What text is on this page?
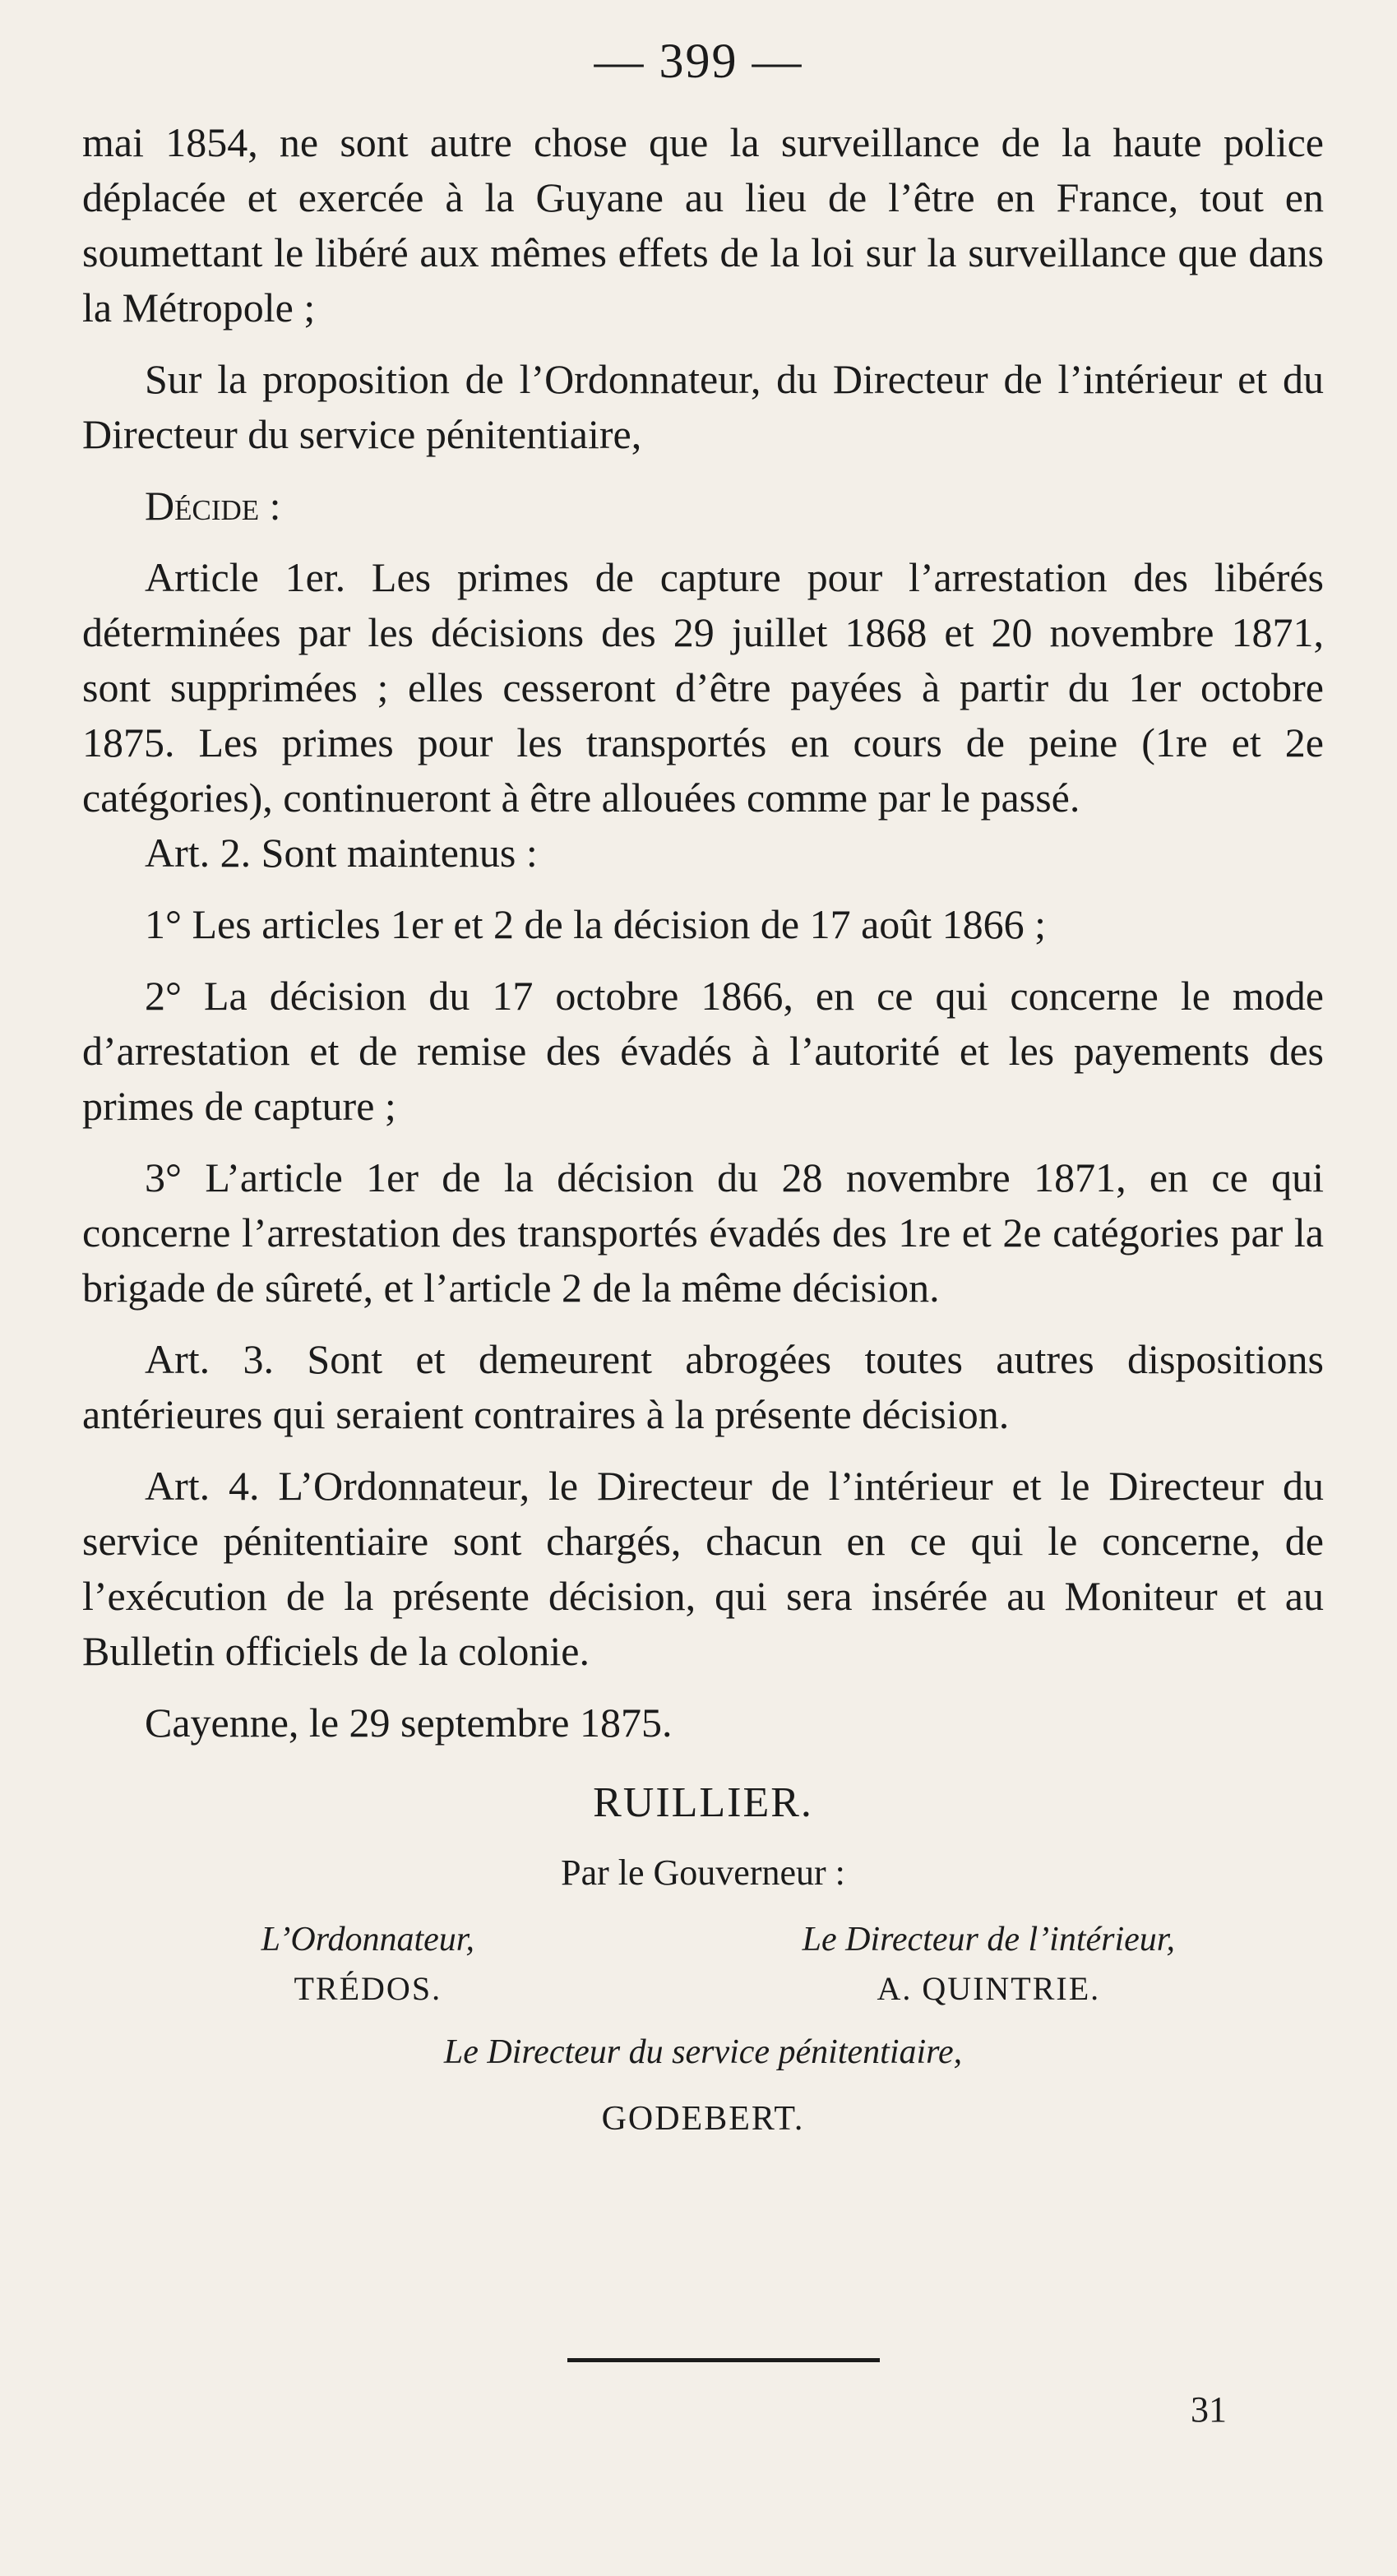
— 399 —

mai 1854, ne sont autre chose que la surveillance de la haute police déplacée et exercée à la Guyane au lieu de l’être en France, tout en soumettant le libéré aux mêmes effets de la loi sur la surveillance que dans la Métropole ;

Sur la proposition de l’Ordonnateur, du Directeur de l’intérieur et du Directeur du service pénitentiaire,

Décide :

Article 1er. Les primes de capture pour l’arrestation des libérés déterminées par les décisions des 29 juillet 1868 et 20 novembre 1871, sont supprimées ; elles cesseront d’être payées à partir du 1er octobre 1875. Les primes pour les transportés en cours de peine (1re et 2e catégories), continueront à être allouées comme par le passé.

Art. 2. Sont maintenus :

1° Les articles 1er et 2 de la décision de 17 août 1866 ;

2° La décision du 17 octobre 1866, en ce qui concerne le mode d’arrestation et de remise des évadés à l’autorité et les payements des primes de capture ;

3° L’article 1er de la décision du 28 novembre 1871, en ce qui concerne l’arrestation des transportés évadés des 1re et 2e catégories par la brigade de sûreté, et l’article 2 de la même décision.

Art. 3. Sont et demeurent abrogées toutes autres dispositions antérieures qui seraient contraires à la présente décision.

Art. 4. L’Ordonnateur, le Directeur de l’intérieur et le Directeur du service pénitentiaire sont chargés, chacun en ce qui le concerne, de l’exécution de la présente décision, qui sera insérée au Moniteur et au Bulletin officiels de la colonie.

Cayenne, le 29 septembre 1875.

RUILLIER.

Par le Gouverneur :

L’Ordonnateur,
TRÉDOS.
Le Directeur de l’intérieur,
A. QUINTRIE.

Le Directeur du service pénitentiaire,

GODEBERT.

31
